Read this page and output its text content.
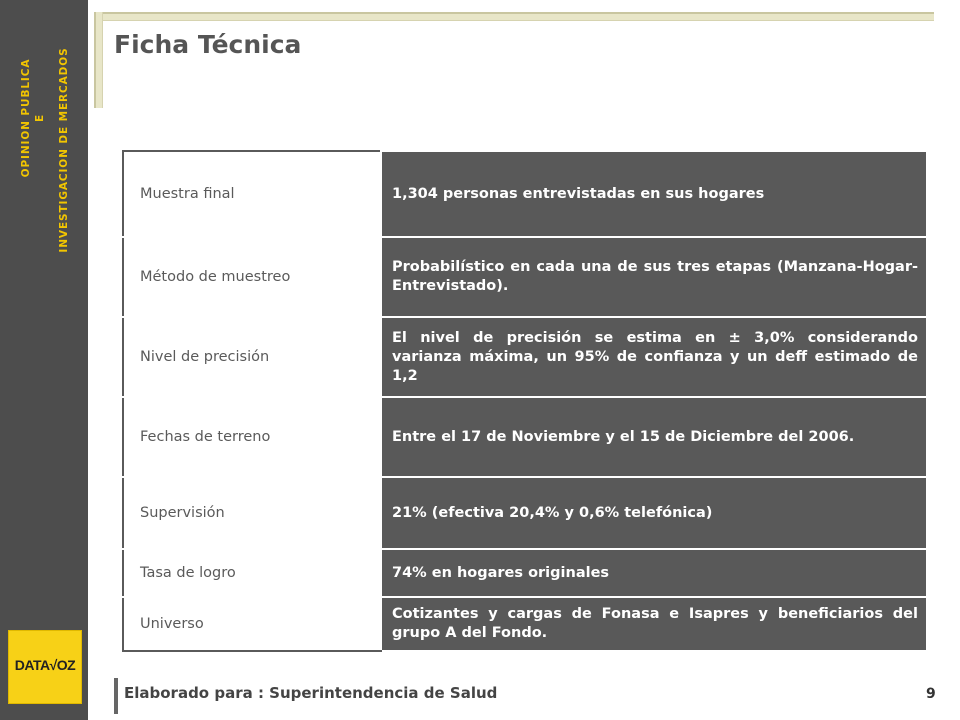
OPINION PUBLICA E INVESTIGACION DE MERCADOS
DATA√OZ
Ficha Técnica
Muestra final	1,304 personas entrevistadas en sus hogares
Método de muestreo	Probabilístico en cada una de sus tres etapas (Manzana-Hogar-Entrevistado).
Nivel de precisión	El nivel de precisión se estima en ± 3,0% considerando varianza máxima, un 95% de confianza y un deff estimado de 1,2
Fechas de terreno	Entre el 17 de Noviembre y el 15 de Diciembre del 2006.
Supervisión	21% (efectiva 20,4% y 0,6% telefónica)
Tasa de logro	74% en hogares originales
Universo	Cotizantes y cargas de Fonasa e Isapres y beneficiarios del grupo A del Fondo.
Elaborado para : Superintendencia de Salud	9
